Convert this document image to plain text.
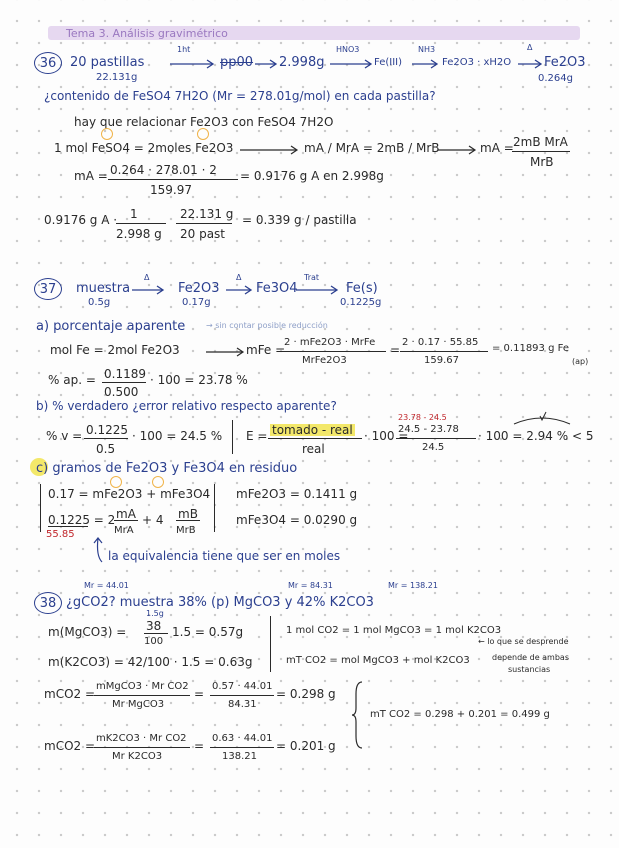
Tema 3. Análisis gravimétrico
36	20 pastillas
22.131g
1ht
pp00 2.998g
HNO3
Fe(III)
NH3
Fe2O3 · xH2O
Δ
Fe2O3
0.264g
¿contenido de FeSO4 7H2O (Mr = 278.01g/mol) en cada pastilla?
hay que relacionar Fe2O3 con FeSO4 7H2O
1 mol FeSO4 = 2moles Fe2O3	mA / MrA = 2mB / MrB	mA = 2mB MrA
MrB
mA = 0.264 · 278.01 · 2
159.97
= 0.9176 g A en 2.998g
0.9176 g A · 1
2.998 g
22.131 g
20 past
= 0.339 g / pastilla
37	muestra
0.5g
Δ
Fe2O3
0.17g
Δ
Fe3O4
Trat
Fe(s)
0.1225g
a) porcentaje aparente	→ sin contar posible reducción
mol Fe = 2mol Fe2O3	mFe =
2 · mFe2O3 · MrFe
MrFe2O3
=
2 · 0.17 · 55.85
159.67
= 0.11893 g Fe
(ap)
% ap. = 0.1189
0.500
· 100 = 23.78 %
b) % verdadero ¿error relativo respecto aparente?
% v = 0.1225
0.5
· 100 = 24.5 % E = tomado - real
real
· 100 =
23.78 - 24.5
24.5 - 23.78
24.5
· 100 = 2.94 % < 5
c) gramos de Fe2O3 y Fe3O4 en residuo
0.17 = mFe2O3 + mFe3O4
0.1225 = 2
55.85
mA
MrA
+ 4 mB
MrB
mFe2O3 = 0.1411 g
mFe3O4 = 0.0290 g
la equivalencia tiene que ser en moles
Mr = 44.01	Mr = 84.31	Mr = 138.21
38 ¿gCO2? muestra 38% (p) MgCO3 y 42% K2CO3
1.5g
m(MgCO3) = 38
100
1.5 = 0.57g
m(K2CO3) = 42/100 · 1.5 = 0.63g
1 mol CO2 = 1 mol MgCO3 = 1 mol K2CO3
← lo que se desprende
mT CO2 = mol MgCO3 + mol K2CO3	depende de ambas
sustancias
mCO2 =
mMgCO3 · Mr CO2
Mr MgCO3
=
0.57 · 44.01
84.31
= 0.298 g
mT CO2 = 0.298 + 0.201 = 0.499 g
mCO2 =
mK2CO3 · Mr CO2
Mr K2CO3
=
0.63 · 44.01
138.21
= 0.201 g
